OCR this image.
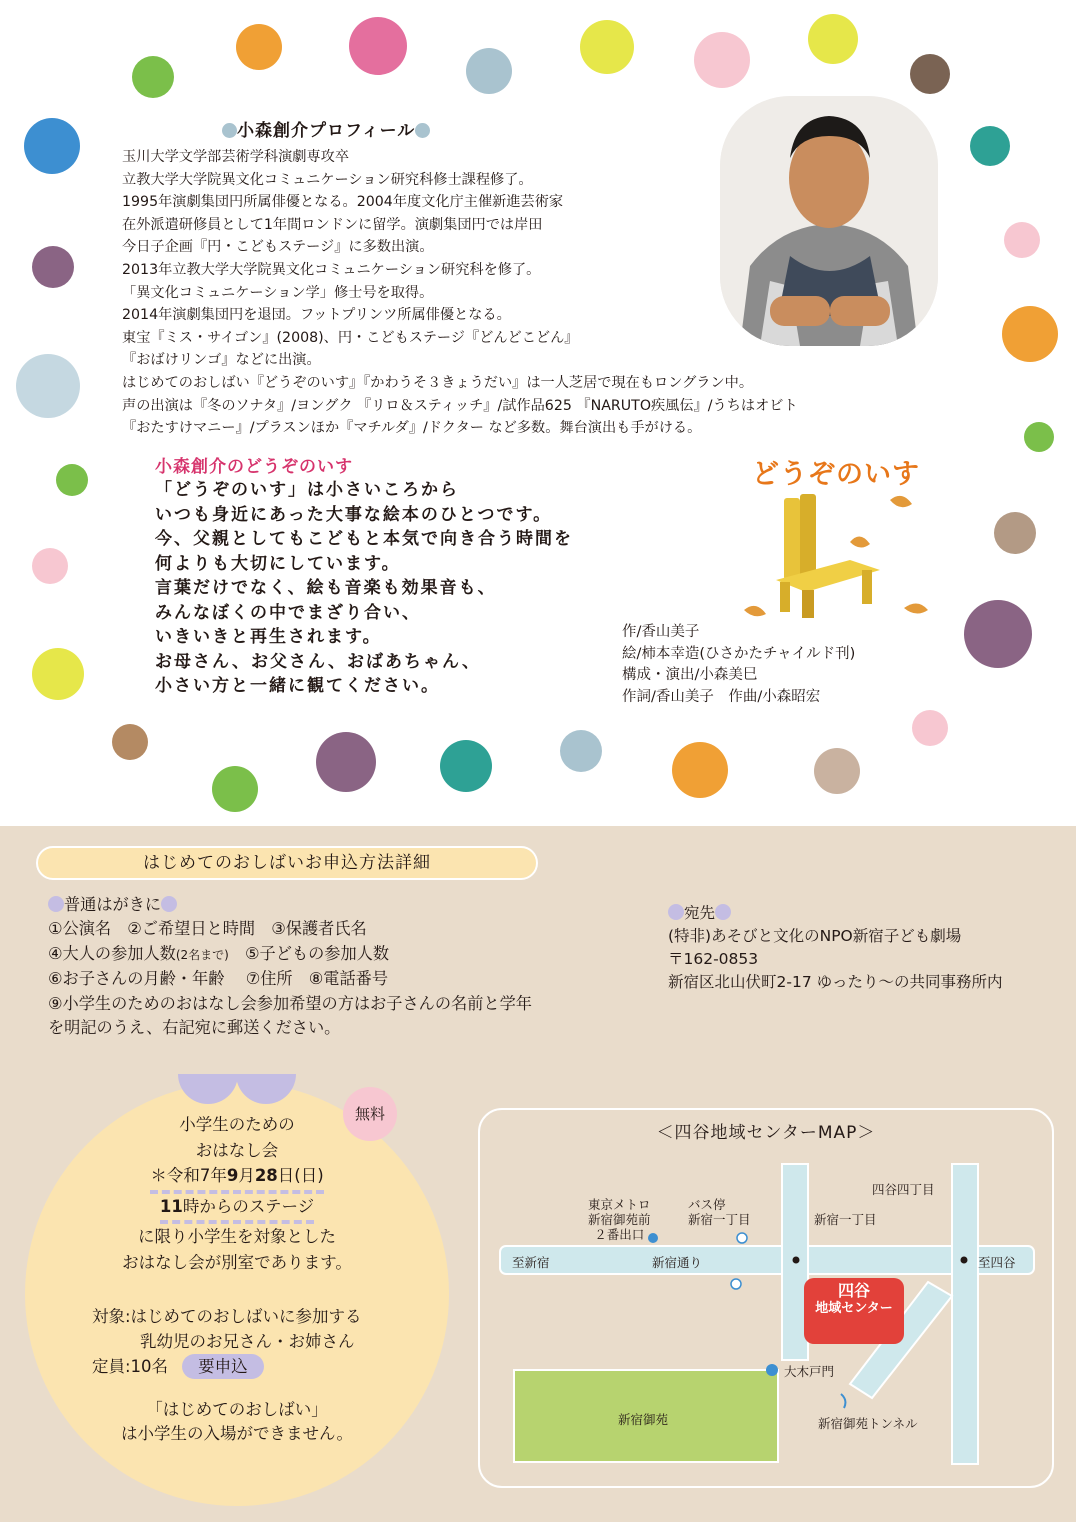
小森創介プロフィール
玉川大学文学部芸術学科演劇専攻卒
立教大学大学院異文化コミュニケーション研究科修士課程修了。
1995年演劇集団円所属俳優となる。2004年度文化庁主催新進芸術家
在外派遣研修員として1年間ロンドンに留学。演劇集団円では岸田
今日子企画『円・こどもステージ』に多数出演。
2013年立教大学大学院異文化コミュニケーション研究科を修了。
「異文化コミュニケーション学」修士号を取得。
2014年演劇集団円を退団。フットプリンツ所属俳優となる。
東宝『ミス・サイゴン』(2008)、円・こどもステージ『どんどこどん』
『おばけリンゴ』などに出演。
はじめてのおしばい『どうぞのいす』『かわうそ３きょうだい』は一人芝居で現在もロングラン中。
声の出演は『冬のソナタ』/ヨングク 『リロ＆スティッチ』/試作品625 『NARUTO疾風伝』/うちはオビト
『おたすけマニー』/プラスンほか『マチルダ』/ドクター など多数。舞台演出も手がける。
小森創介のどうぞのいす
「どうぞのいす」は小さいころから
いつも身近にあった大事な絵本のひとつです。
今、父親としてもこどもと本気で向き合う時間を
何よりも大切にしています。
言葉だけでなく、絵も音楽も効果音も、
みんなぼくの中でまざり合い、
いきいきと再生されます。
お母さん、お父さん、おばあちゃん、
小さい方と一緒に観てください。
どうぞのいす
作/香山美子
絵/柿本幸造(ひさかたチャイルド刊)
構成・演出/小森美巳
作詞/香山美子　作曲/小森昭宏
はじめてのおしばいお申込方法詳細
普通はがきに
①公演名　②ご希望日と時間　③保護者氏名
④大人の参加人数(2名まで)　⑤子どもの参加人数
⑥お子さんの月齢・年齢　 ⑦住所　⑧電話番号
⑨小学生のためのおはなし会参加希望の方はお子さんの名前と学年
を明記のうえ、右記宛に郵送ください。
宛先
(特非)あそびと文化のNPO新宿子ども劇場
〒162-0853
新宿区北山伏町2-17 ゆったり～の共同事務所内
無料
小学生のための
おはなし会
＊令和7年9月28日(日)
11時からのステージ
に限り小学生を対象とした
おはなし会が別室であります。
対象:はじめてのおしばいに参加する
乳幼児のお兄さん・お姉さん
定員:10名 要申込
「はじめてのおしばい」
は小学生の入場ができません。
＜四谷地域センターMAP＞
至新宿	新宿通り	至四谷
東京メトロ
新宿御苑前
２番出口
バス停
新宿一丁目	新宿一丁目
四谷四丁目
四谷
地域センター
大木戸門
新宿御苑	新宿御苑トンネル
